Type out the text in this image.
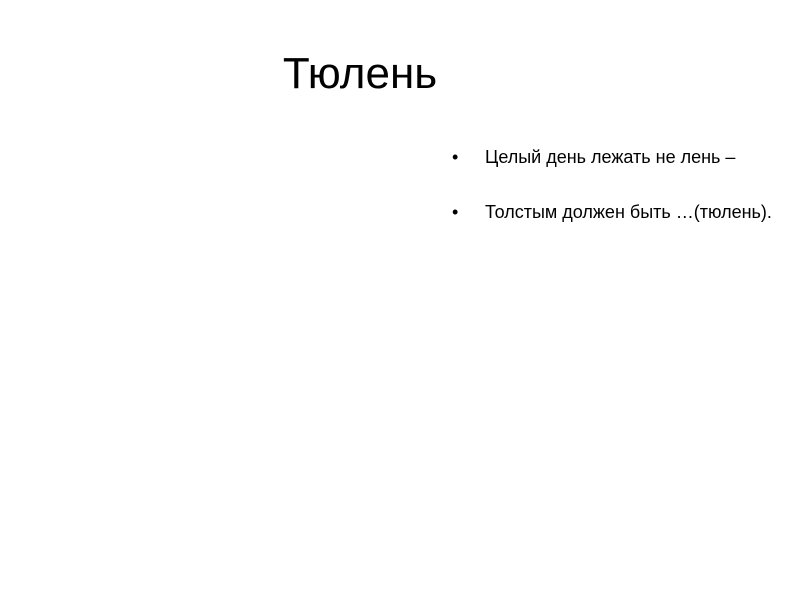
Тюлень
• Целый день лежать не лень –
• Толстым должен быть …(тюлень).
